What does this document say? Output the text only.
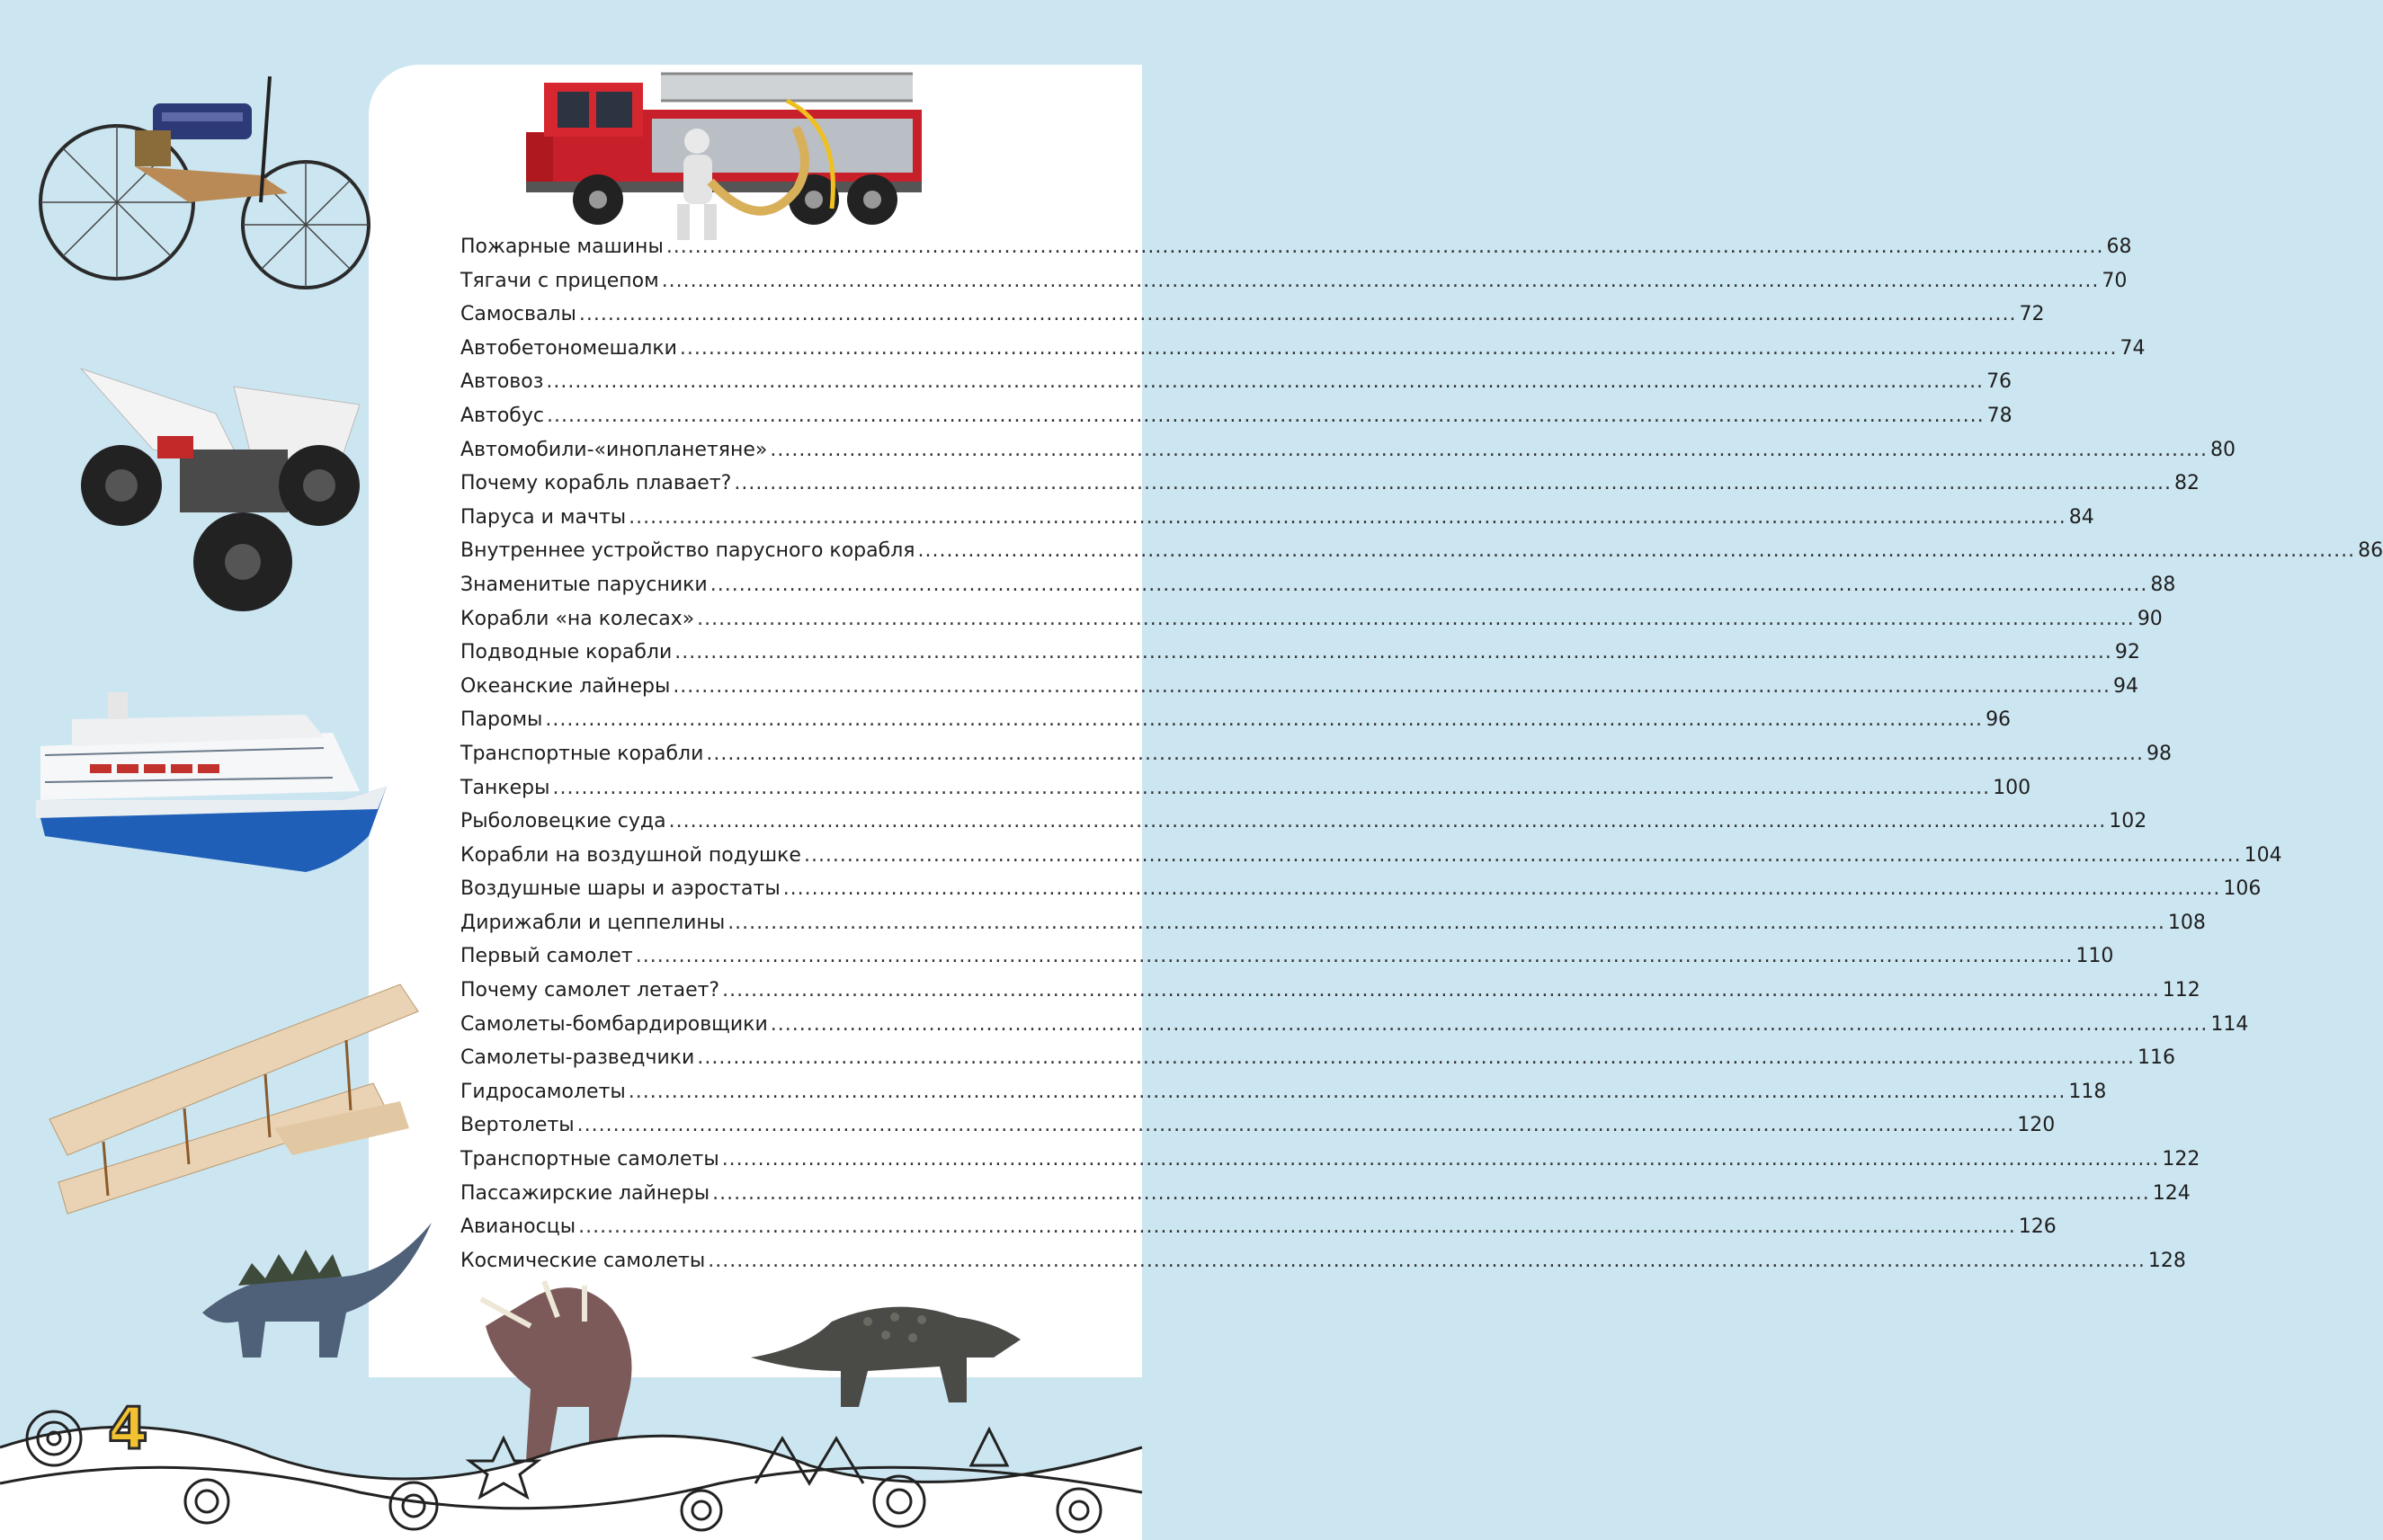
4
Пожарные машины ........................................................................................................................................................................................................ 68
Тягачи с прицепом ........................................................................................................................................................................................................ 70
Самосвалы ........................................................................................................................................................................................................ 72
Автобетономешалки ........................................................................................................................................................................................................ 74
Автовоз ........................................................................................................................................................................................................ 76
Автобус ........................................................................................................................................................................................................ 78
Автомобили-«инопланетяне» ........................................................................................................................................................................................................ 80
Почему корабль плавает? ........................................................................................................................................................................................................ 82
Паруса и мачты ........................................................................................................................................................................................................ 84
Внутреннее устройство парусного корабля ........................................................................................................................................................................................................ 86
Знаменитые парусники ........................................................................................................................................................................................................ 88
Корабли «на колесах» ........................................................................................................................................................................................................ 90
Подводные корабли ........................................................................................................................................................................................................ 92
Океанские лайнеры ........................................................................................................................................................................................................ 94
Паромы ........................................................................................................................................................................................................ 96
Транспортные корабли ........................................................................................................................................................................................................ 98
Танкеры ........................................................................................................................................................................................................ 100
Рыболовецкие суда ........................................................................................................................................................................................................ 102
Корабли на воздушной подушке ........................................................................................................................................................................................................ 104
Воздушные шары и аэростаты ........................................................................................................................................................................................................ 106
Дирижабли и цеппелины ........................................................................................................................................................................................................ 108
Первый самолет ........................................................................................................................................................................................................ 110
Почему самолет летает? ........................................................................................................................................................................................................ 112
Самолеты-бомбардировщики ........................................................................................................................................................................................................ 114
Самолеты-разведчики ........................................................................................................................................................................................................ 116
Гидросамолеты ........................................................................................................................................................................................................ 118
Вертолеты ........................................................................................................................................................................................................ 120
Транспортные самолеты ........................................................................................................................................................................................................ 122
Пассажирские лайнеры ........................................................................................................................................................................................................ 124
Авианосцы ........................................................................................................................................................................................................ 126
Космические самолеты ........................................................................................................................................................................................................ 128
